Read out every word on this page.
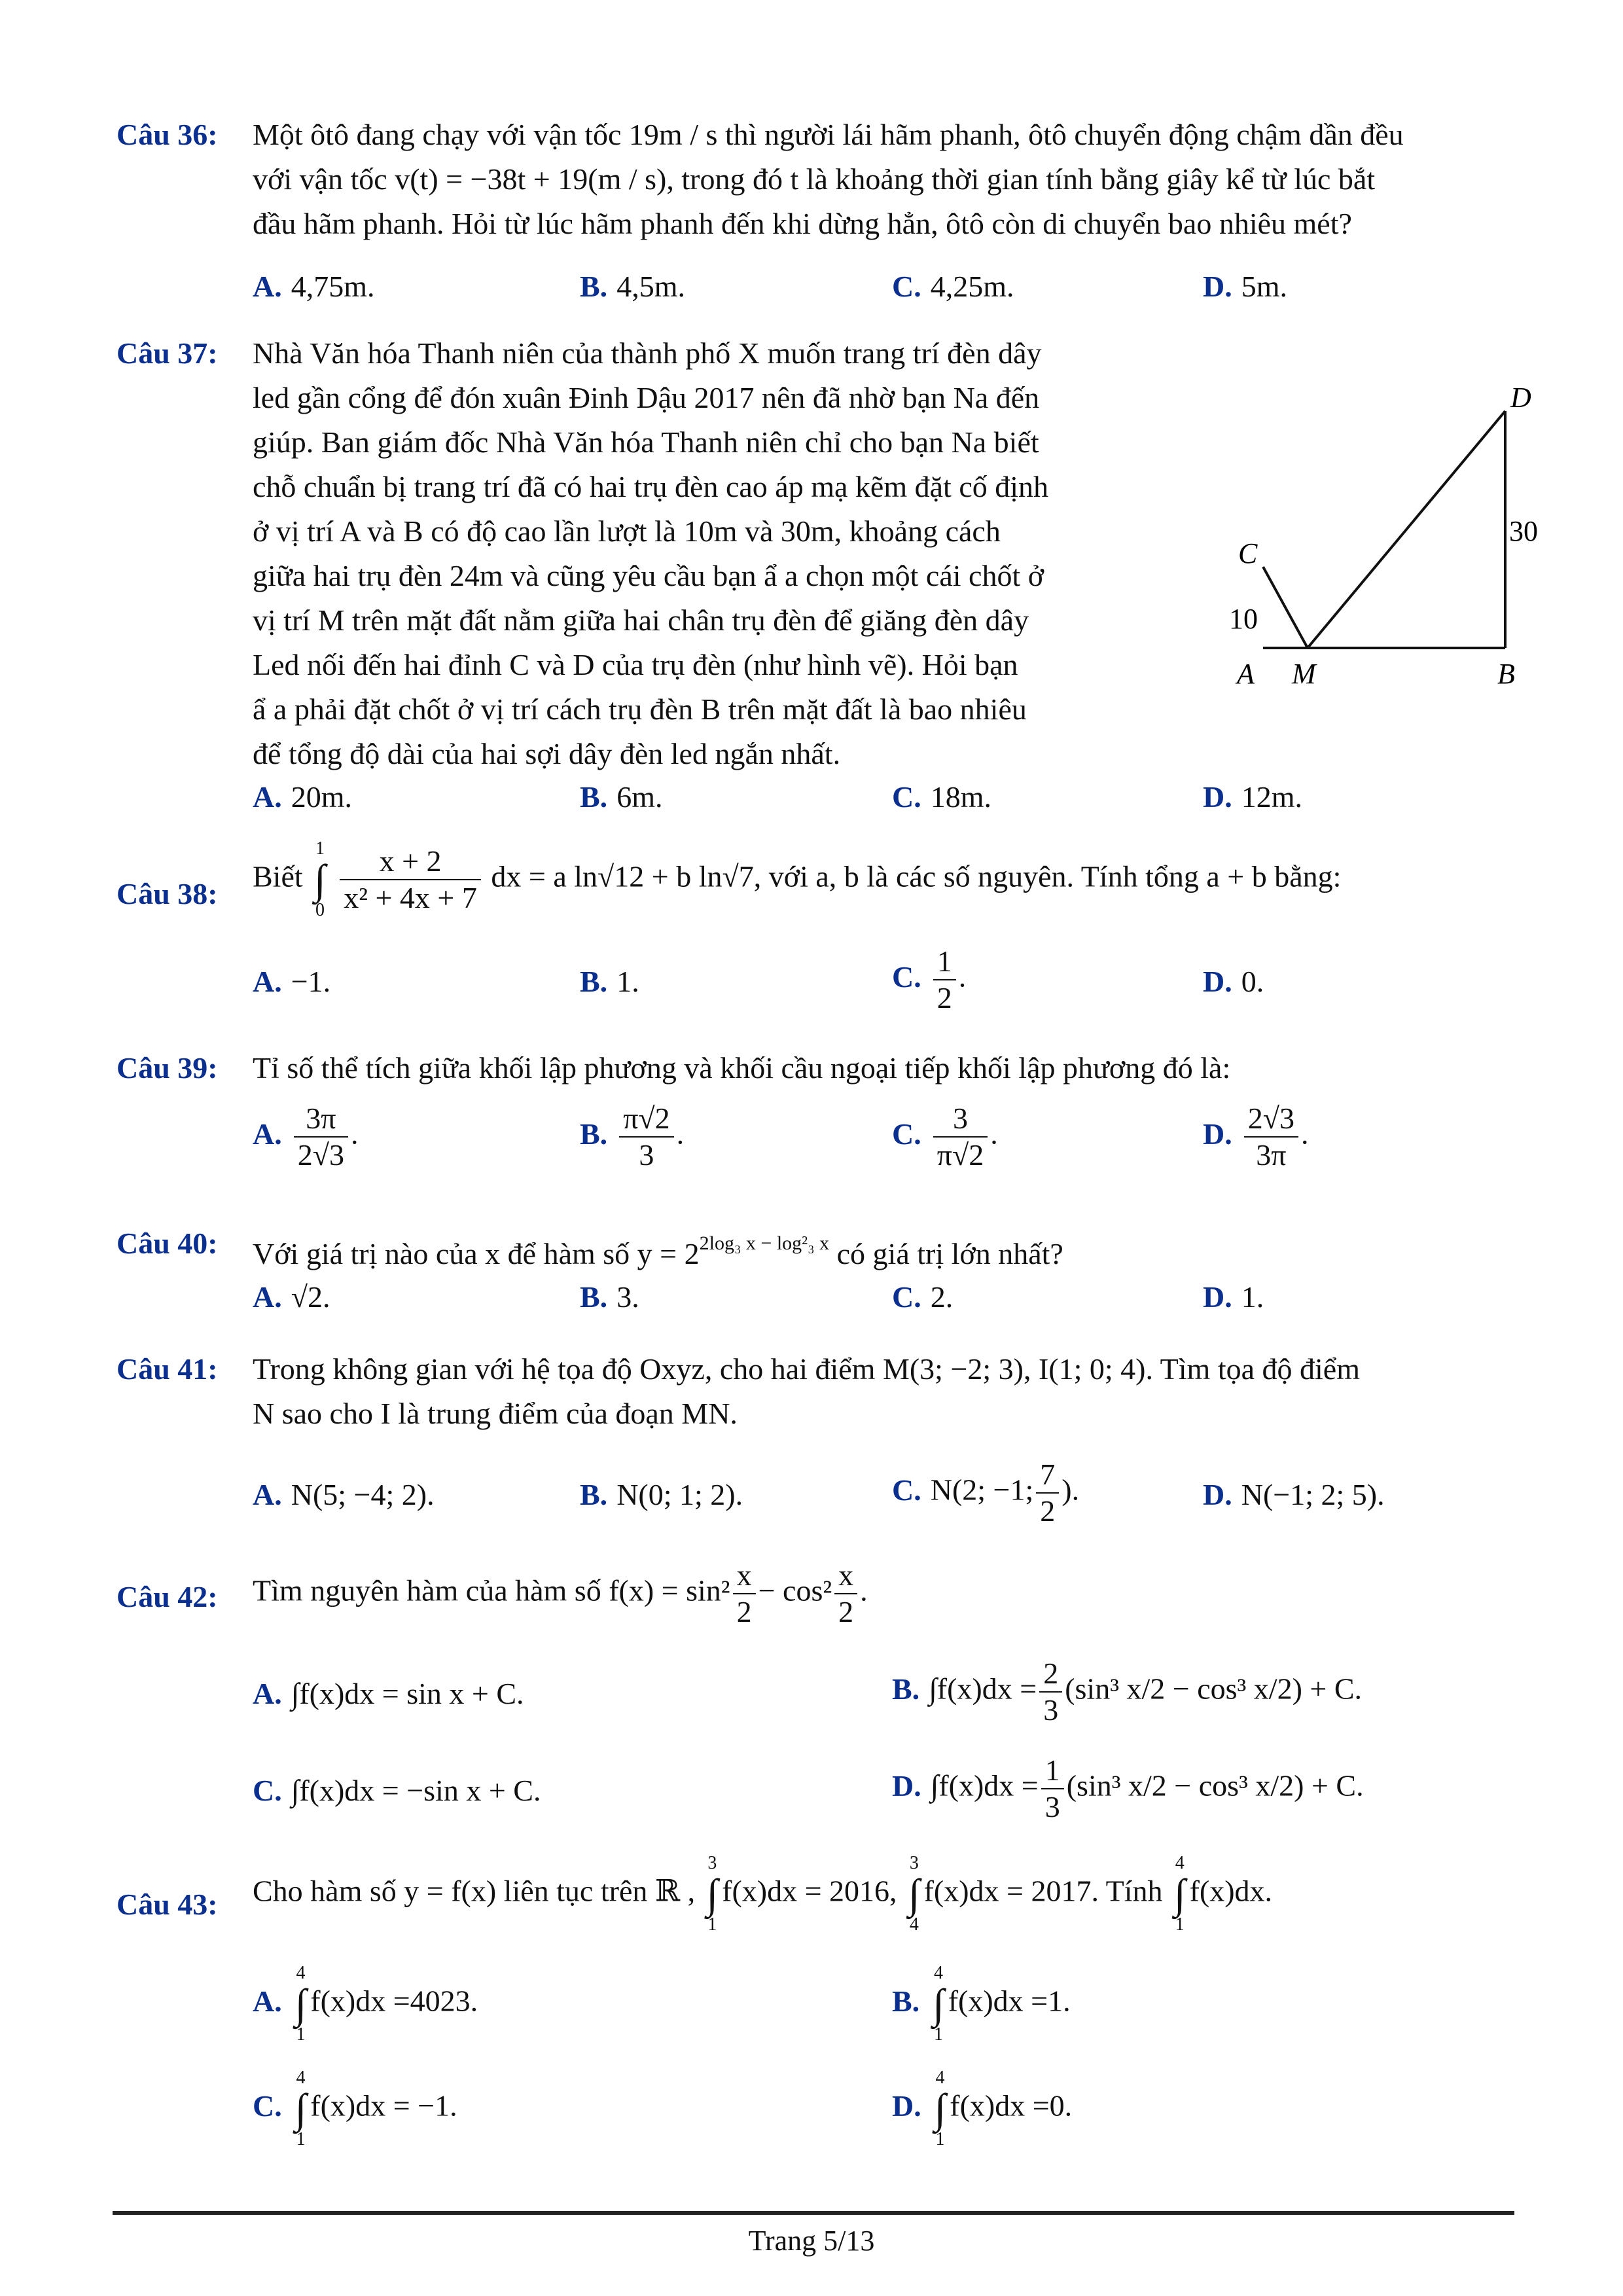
Câu 36: Một ôtô đang chạy với vận tốc 19m / s thì người lái hãm phanh, ôtô chuyển động chậm dần đều
với vận tốc v(t) = −38t + 19(m / s), trong đó t là khoảng thời gian tính bằng giây kể từ lúc bắt
đầu hãm phanh. Hỏi từ lúc hãm phanh đến khi dừng hẳn, ôtô còn di chuyển bao nhiêu mét?
A. 4,75m.	B. 4,5m.	C. 4,25m.	D. 5m.
Câu 37: Nhà Văn hóa Thanh niên của thành phố X muốn trang trí đèn dây
led gần cổng để đón xuân Đinh Dậu 2017 nên đã nhờ bạn Na đến
giúp. Ban giám đốc Nhà Văn hóa Thanh niên chỉ cho bạn Na biết
chỗ chuẩn bị trang trí đã có hai trụ đèn cao áp mạ kẽm đặt cố định
ở vị trí A và B có độ cao lần lượt là 10m và 30m, khoảng cách
giữa hai trụ đèn 24m và cũng yêu cầu bạn ẩ a chọn một cái chốt ở
vị trí M trên mặt đất nằm giữa hai chân trụ đèn để giăng đèn dây
Led nối đến hai đỉnh C và D của trụ đèn (như hình vẽ). Hỏi bạn
ẩ a phải đặt chốt ở vị trí cách trụ đèn B trên mặt đất là bao nhiêu
để tổng độ dài của hai sợi dây đèn led ngắn nhất.
A. 20m.	B. 6m.	C. 18m.	D. 12m.
D
C
10
30
A M	B
Câu 38:
Biết 1
∫
$0 \frac{x + 2}{\text{x² + 4x + 7}}$ dx = a ln√12 + b ln√7, với a, b là các số nguyên. Tính tổng a + b bằng:
A. −1.	B. 1.	C. $\frac{1}{2}$ .	D. 0.
Câu 39: Tỉ số thể tích giữa khối lập phương và khối cầu ngoại tiếp khối lập phương đó là:
A. $\frac{3\pi}{2√3}$ .	B. $\frac{\pi√2}{3}$ .	C. $\frac{3}{\pi√2}$ .	D. $\frac{2√3}{3\pi}$ .
Câu 40: Với giá trị nào của x để hàm số $y = 2^{2log_3 x - log^2_3 x}$ có giá trị lớn nhất?
A. √2.	B. 3.	C. 2.	D. 1.
Câu 41: Trong không gian với hệ tọa độ Oxyz, cho hai điểm M(3; −2; 3), I(1; 0; 4). Tìm tọa độ điểm
N sao cho I là trung điểm của đoạn MN.
A. N(5; −4; 2).	B. N(0; 1; 2).	C. N(2; −1; $\frac{7}{2}$ ).	D. N(−1; 2; 5).
Câu 42: Tìm nguyên hàm của hàm số $f(x) = \sin^2 \frac{x}{2} - \cos^2 \frac{x}{2}$ .
A. ∫f(x)dx = sin x + C.	B. $\int f(x)dx = \frac{2}{3} (\sin^3$ x/2 − cos³ x/2) + C.
C. ∫f(x)dx = −sin x + C.	D. $\int f(x)dx = \frac{1}{3} (\sin^3$ x/2 − cos³ x/2) + C.
Câu 43: Cho hàm số y = f(x) liên tục trên ℝ , 3
∫
1f(x)dx = 2016, 3
∫
4f(x)dx = 2017. Tính 4
∫
1f(x)dx.
A.4
∫
1f(x)dx =4023.	B.4
∫
1f(x)dx =1.
C.4
∫
1f(x)dx = −1.	D.4
∫
1f(x)dx =0.
Trang 5/13
